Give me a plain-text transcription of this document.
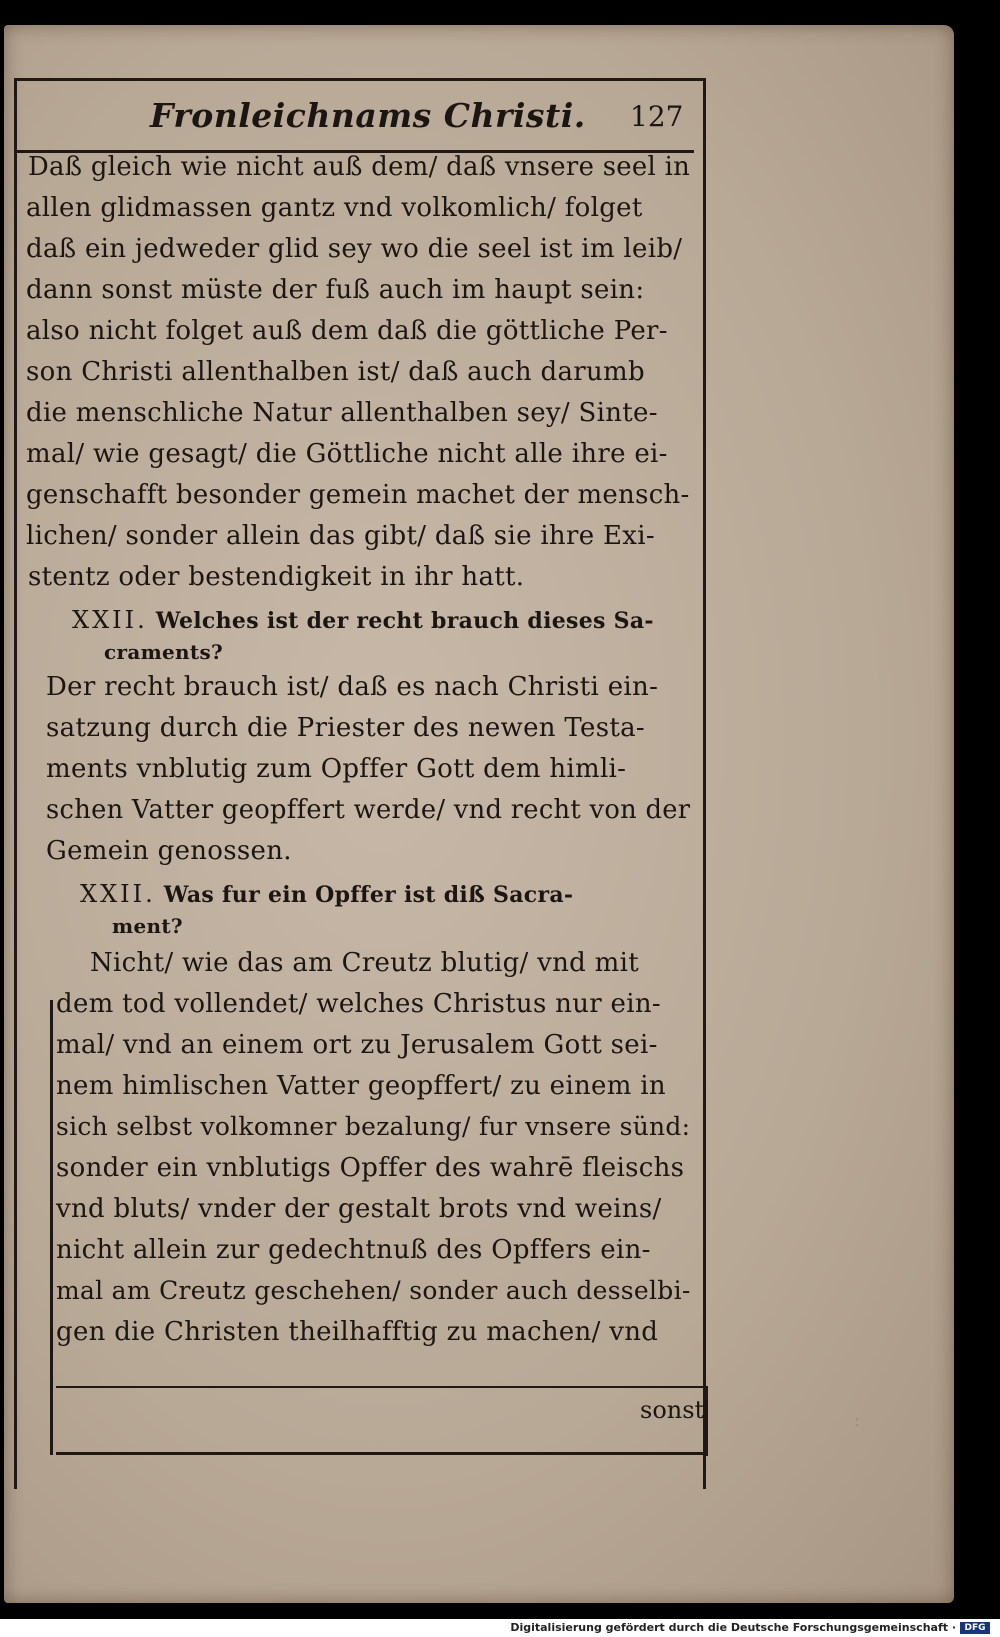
Fronleichnams Christi. 127
Daß gleich wie nicht auß dem/ daß vnsere seel in
allen glidmassen gantz vnd volkomlich/ folget
daß ein jedweder glid sey wo die seel ist im leib/
dann sonst müste der fuß auch im haupt sein:
also nicht folget auß dem daß die göttliche Per-
son Christi allenthalben ist/ daß auch darumb
die menschliche Natur allenthalben sey/ Sinte-
mal/ wie gesagt/ die Göttliche nicht alle ihre ei-
genschafft besonder gemein machet der mensch-
lichen/ sonder allein das gibt/ daß sie ihre Exi-
stentz oder bestendigkeit in ihr hatt.
XXII. Welches ist der recht brauch dieses Sa-
craments?
Der recht brauch ist/ daß es nach Christi ein-
satzung durch die Priester des newen Testa-
ments vnblutig zum Opffer Gott dem himli-
schen Vatter geopffert werde/ vnd recht von der
Gemein genossen.
XXII. Was fur ein Opffer ist diß Sacra-
ment?
Nicht/ wie das am Creutz blutig/ vnd mit
dem tod vollendet/ welches Christus nur ein-
mal/ vnd an einem ort zu Jerusalem Gott sei-
nem himlischen Vatter geopffert/ zu einem in
sich selbst volkomner bezalung/ fur vnsere sünd:
sonder ein vnblutigs Opffer des wahrē fleischs
vnd bluts/ vnder der gestalt brots vnd weins/
nicht allein zur gedechtnuß des Opffers ein-
mal am Creutz geschehen/ sonder auch desselbi-
gen die Christen theilhafftig zu machen/ vnd
sonst	:
Digitalisierung gefördert durch die Deutsche Forschungsgemeinschaft · DFG
